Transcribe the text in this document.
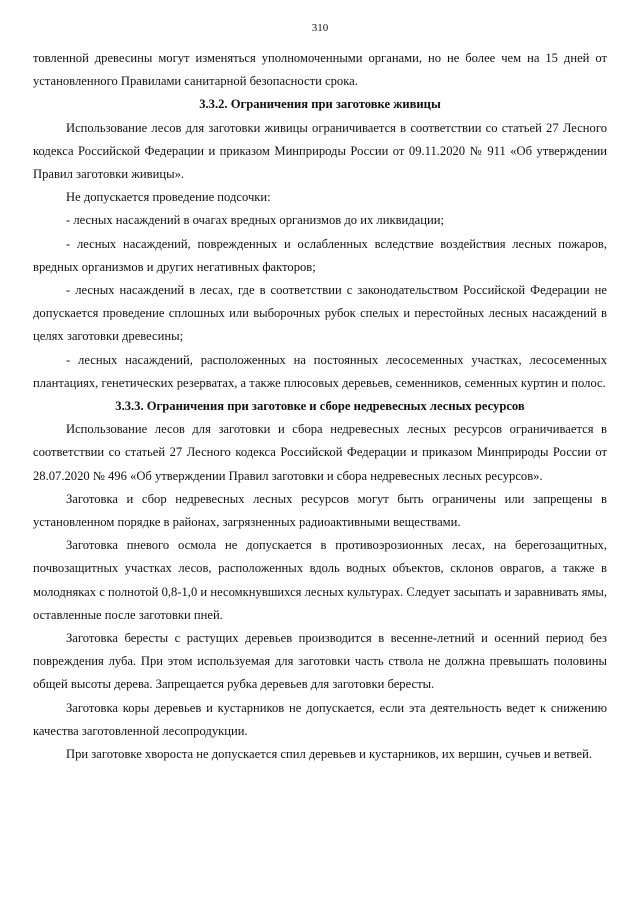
310

товленной древесины могут изменяться уполномоченными органами, но не более чем на 15 дней от установленного Правилами санитарной безопасности срока.

3.3.2. Ограничения при заготовке живицы

Использование лесов для заготовки живицы ограничивается в соответствии со статьей 27 Лесного кодекса Российской Федерации и приказом Минприроды России от 09.11.2020 № 911 «Об утверждении Правил заготовки живицы».

Не допускается проведение подсочки:

- лесных насаждений в очагах вредных организмов до их ликвидации;

- лесных насаждений, поврежденных и ослабленных вследствие воздействия лесных пожаров, вредных организмов и других негативных факторов;

- лесных насаждений в лесах, где в соответствии с законодательством Российской Федерации не допускается проведение сплошных или выборочных рубок спелых и перестойных лесных насаждений в целях заготовки древесины;

- лесных насаждений, расположенных на постоянных лесосеменных участках, лесосеменных плантациях, генетических резерватах, а также плюсовых деревьев, семенников, семенных куртин и полос.

3.3.3. Ограничения при заготовке и сборе недревесных лесных ресурсов

Использование лесов для заготовки и сбора недревесных лесных ресурсов ограничивается в соответствии со статьей 27 Лесного кодекса Российской Федерации и приказом Минприроды России от 28.07.2020 № 496 «Об утверждении Правил заготовки и сбора недревесных лесных ресурсов».

Заготовка и сбор недревесных лесных ресурсов могут быть ограничены или запрещены в установленном порядке в районах, загрязненных радиоактивными веществами.

Заготовка пневого осмола не допускается в противоэрозионных лесах, на берегозащитных, почвозащитных участках лесов, расположенных вдоль водных объектов, склонов оврагов, а также в молодняках с полнотой 0,8-1,0 и несомкнувшихся лесных культурах. Следует засыпать и заравнивать ямы, оставленные после заготовки пней.

Заготовка бересты с растущих деревьев производится в весенне-летний и осенний период без повреждения луба. При этом используемая для заготовки часть ствола не должна превышать половины общей высоты дерева. Запрещается рубка деревьев для заготовки бересты.

Заготовка коры деревьев и кустарников не допускается, если эта деятельность ведет к снижению качества заготовленной лесопродукции.

При заготовке хвороста не допускается спил деревьев и кустарников, их вершин, сучьев и ветвей.
